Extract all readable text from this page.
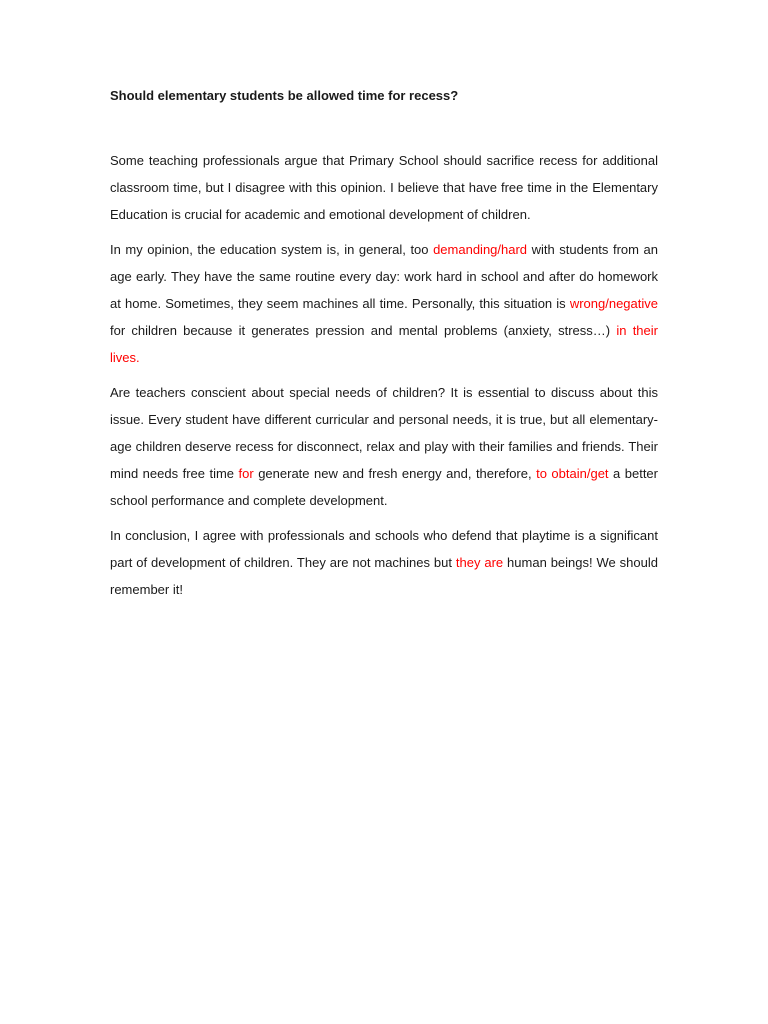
Should elementary students be allowed time for recess?

Some teaching professionals argue that Primary School should sacrifice recess for additional classroom time, but I disagree with this opinion. I believe that have free time in the Elementary Education is crucial for academic and emotional development of children.

In my opinion, the education system is, in general, too demanding/hard with students from an age early. They have the same routine every day: work hard in school and after do homework at home. Sometimes, they seem machines all time. Personally, this situation is wrong/negative for children because it generates pression and mental problems (anxiety, stress…) in their lives.

Are teachers conscient about special needs of children? It is essential to discuss about this issue. Every student have different curricular and personal needs, it is true, but all elementary-age children deserve recess for disconnect, relax and play with their families and friends. Their mind needs free time for generate new and fresh energy and, therefore, to obtain/get a better school performance and complete development.

In conclusion, I agree with professionals and schools who defend that playtime is a significant part of development of children. They are not machines but they are human beings! We should remember it!
